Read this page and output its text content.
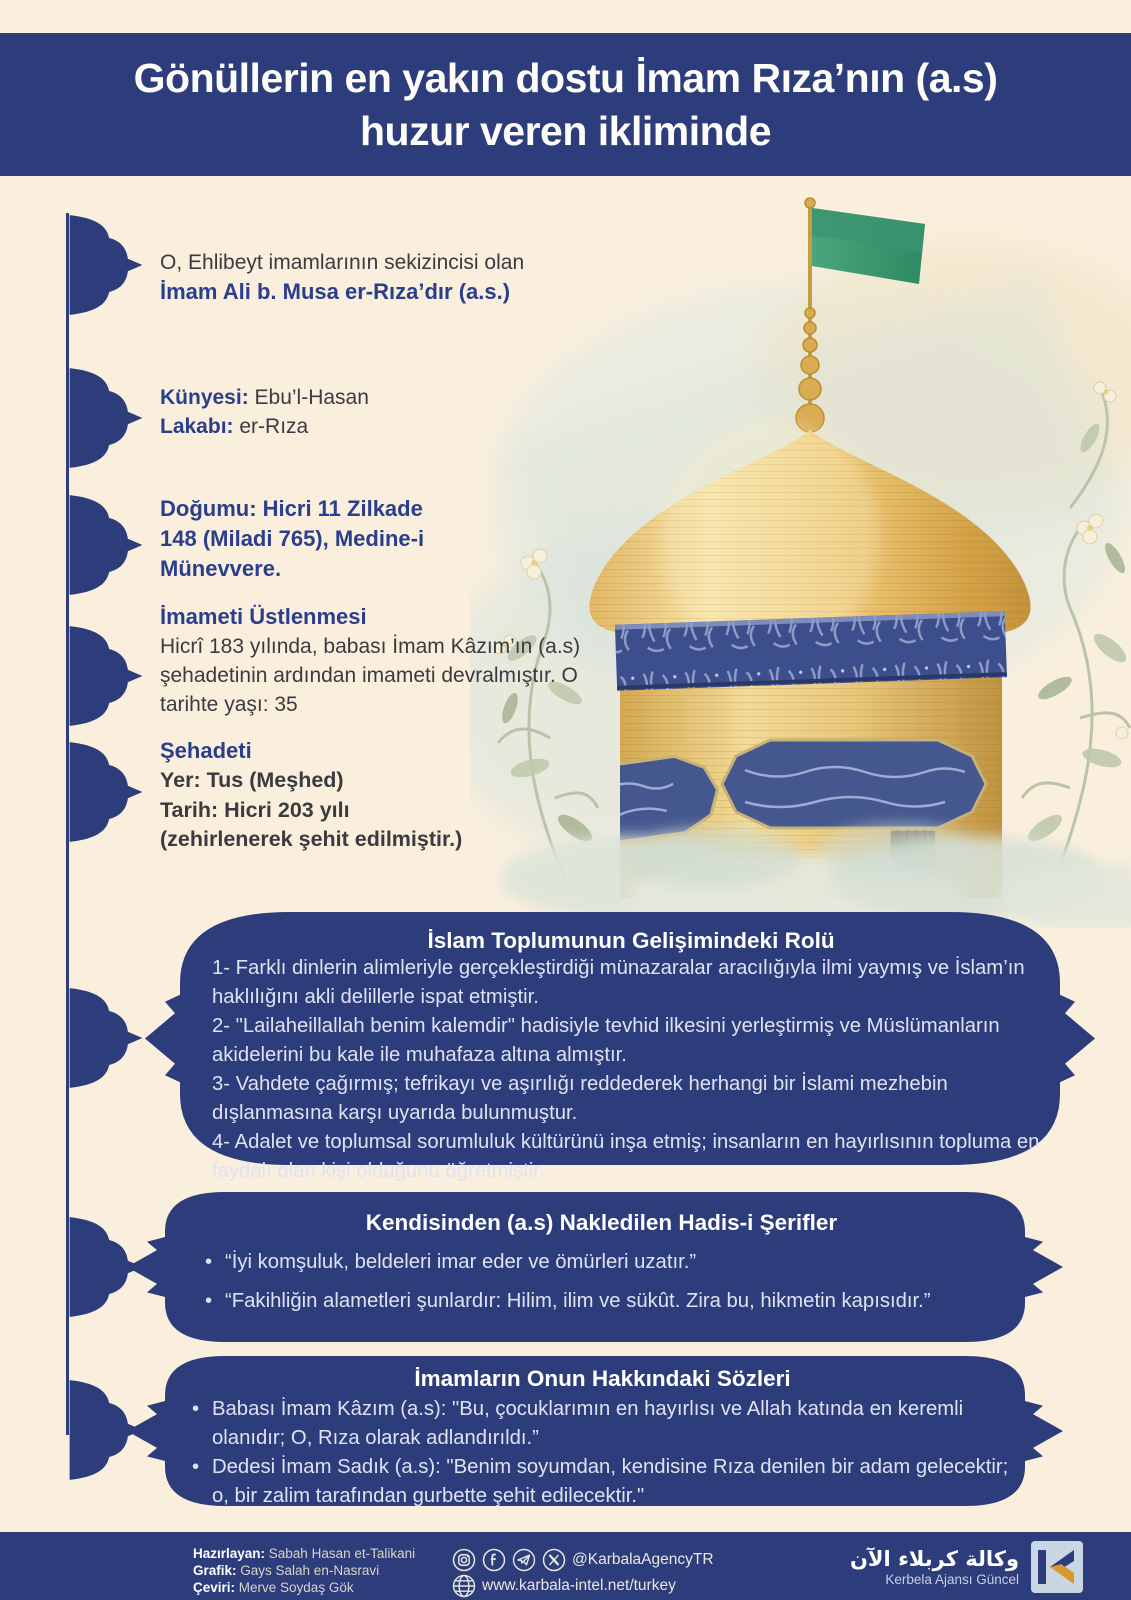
Gönüllerin en yakın dostu İmam Rıza’nın (a.s)
huzur veren ikliminde

O, Ehlibeyt imamlarının sekizincisi olan

İmam Ali b. Musa er-Rıza’dır (a.s.)

Künyesi: Ebu’l-Hasan

Lakabı: er-Rıza

Doğumu: Hicri 11 Zilkade

148 (Miladi 765), Medine-i

Münevvere.

İmameti Üstlenmesi

Hicrî 183 yılında, babası İmam Kâzım’ın (a.s) şehadetinin ardından imameti devralmıştır. O tarihte yaşı: 35

Şehadeti

Yer: Tus (Meşhed)

Tarih: Hicri 203 yılı

(zehirlenerek şehit edilmiştir.)

İslam Toplumunun Gelişimindeki Rolü

1- Farklı dinlerin alimleriyle gerçekleştirdiği münazaralar aracılığıyla ilmi yaymış ve İslam’ın haklılığını akli delillerle ispat etmiştir.

2- "Lailaheillallah benim kalemdir" hadisiyle tevhid ilkesini yerleştirmiş ve Müslümanların akidelerini bu kale ile muhafaza altına almıştır.

3- Vahdete çağırmış; tefrikayı ve aşırılığı reddederek herhangi bir İslami mezhebin dışlanmasına karşı uyarıda bulunmuştur.

4- Adalet ve toplumsal sorumluluk kültürünü inşa etmiş; insanların en hayırlısının topluma en faydalı olan kişi olduğunu öğretmiştir.

Kendisinden (a.s) Nakledilen Hadis-i Şerifler

• “İyi komşuluk, beldeleri imar eder ve ömürleri uzatır.”

• “Fakihliğin alametleri şunlardır: Hilim, ilim ve sükût. Zira bu, hikmetin kapısıdır.”

İmamların Onun Hakkındaki Sözleri

• Babası İmam Kâzım (a.s): "Bu, çocuklarımın en hayırlısı ve Allah katında en keremli olanıdır; O, Rıza olarak adlandırıldı.”

• Dedesi İmam Sadık (a.s): "Benim soyumdan, kendisine Rıza denilen bir adam gelecektir; o, bir zalim tarafından gurbette şehit edilecektir."

Hazırlayan: Sabah Hasan et-Talikani
Grafik: Gays Salah en-Nasravi
Çeviri: Merve Soydaş Gök
@KarbalaAgencyTR
www.karbala-intel.net/turkey
وكالة كربلاء الآن
Kerbela Ajansı Güncel
